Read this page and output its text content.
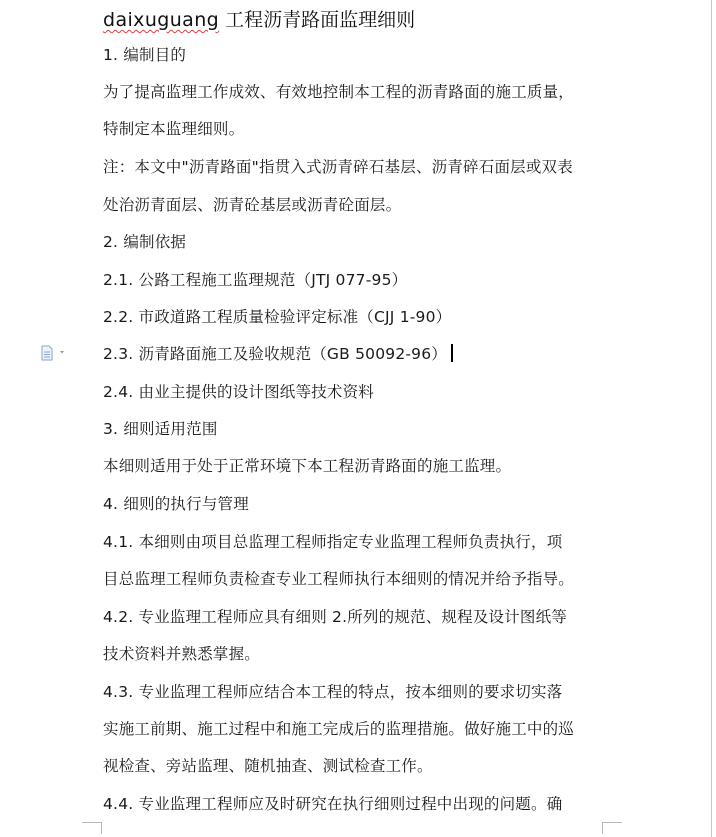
daixuguang 工程沥青路面监理细则
1. 编制目的
为了提高监理工作成效、有效地控制本工程的沥青路面的施工质量，
特制定本监理细则。
注：本文中"沥青路面"指贯入式沥青碎石基层、沥青碎石面层或双表
处治沥青面层、沥青砼基层或沥青砼面层。
2. 编制依据
2.1. 公路工程施工监理规范（JTJ 077-95）
2.2. 市政道路工程质量检验评定标准（CJJ 1-90）
2.3. 沥青路面施工及验收规范（GB 50092-96）
2.4. 由业主提供的设计图纸等技术资料
3. 细则适用范围
本细则适用于处于正常环境下本工程沥青路面的施工监理。
4. 细则的执行与管理
4.1. 本细则由项目总监理工程师指定专业监理工程师负责执行，项
目总监理工程师负责检查专业工程师执行本细则的情况并给予指导。
4.2. 专业监理工程师应具有细则 2.所列的规范、规程及设计图纸等
技术资料并熟悉掌握。
4.3. 专业监理工程师应结合本工程的特点，按本细则的要求切实落
实施工前期、施工过程中和施工完成后的监理措施。做好施工中的巡
视检查、旁站监理、随机抽查、测试检查工作。
4.4. 专业监理工程师应及时研究在执行细则过程中出现的问题。确
